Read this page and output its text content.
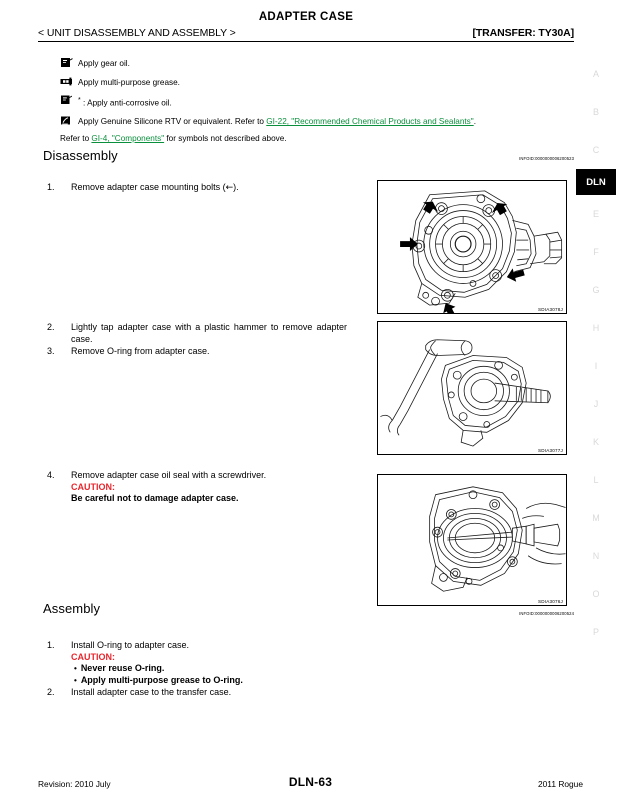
ADAPTER CASE
< UNIT DISASSEMBLY AND ASSEMBLY >	[TRANSFER: TY30A]
Apply gear oil.
Apply multi-purpose grease.
* : Apply anti-corrosive oil.
Apply Genuine Silicone RTV or equivalent. Refer to GI-22, "Recommended Chemical Products and Sealants".
Refer to GI-4, "Components" for symbols not described above.
Disassembly	INFOID:0000000006200523
1.	Remove adapter case mounting bolts (←).
2.	Lightly tap adapter case with a plastic hammer to remove adapter case.
3.	Remove O-ring from adapter case.
4.	Remove adapter case oil seal with a screwdriver.
CAUTION:
Be careful not to damage adapter case.
Assembly	INFOID:0000000006200524
1.	Install O-ring to adapter case.
CAUTION:
• Never reuse O-ring.
• Apply multi-purpose grease to O-ring.
2.	Install adapter case to the transfer case.
SDIA3078J
SDIA3077J
SDIA3076J
A
B
C
DLN
E
F
G
H
I
J
K
L
M
N
O
P
Revision: 2010 July	DLN-63	2011 Rogue
